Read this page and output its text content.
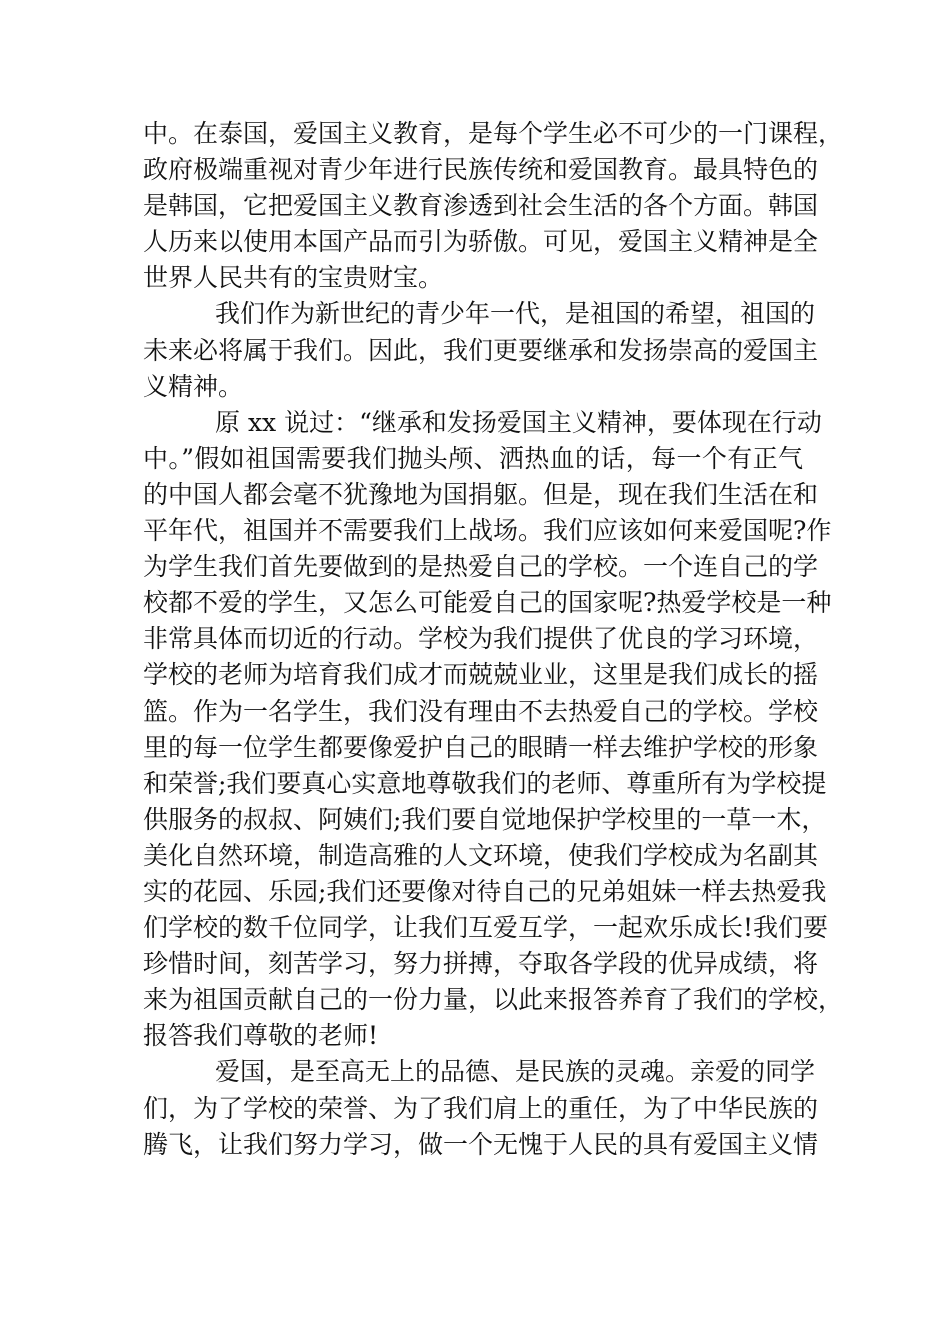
中。在泰国，爱国主义教育，是每个学生必不可少的一门课程，
政府极端重视对青少年进行民族传统和爱国教育。最具特色的
是韩国，它把爱国主义教育渗透到社会生活的各个方面。韩国
人历来以使用本国产品而引为骄傲。可见，爱国主义精神是全
世界人民共有的宝贵财宝。
我们作为新世纪的青少年一代，是祖国的希望，祖国的
未来必将属于我们。因此，我们更要继承和发扬崇高的爱国主
义精神。
原 xx 说过：“继承和发扬爱国主义精神，要体现在行动
中。”假如祖国需要我们抛头颅、洒热血的话，每一个有正气
的中国人都会毫不犹豫地为国捐躯。但是，现在我们生活在和
平年代，祖国并不需要我们上战场。我们应该如何来爱国呢?作
为学生我们首先要做到的是热爱自己的学校。一个连自己的学
校都不爱的学生，又怎么可能爱自己的国家呢?热爱学校是一种
非常具体而切近的行动。学校为我们提供了优良的学习环境，
学校的老师为培育我们成才而兢兢业业，这里是我们成长的摇
篮。作为一名学生，我们没有理由不去热爱自己的学校。学校
里的每一位学生都要像爱护自己的眼睛一样去维护学校的形象
和荣誉;我们要真心实意地尊敬我们的老师、尊重所有为学校提
供服务的叔叔、阿姨们;我们要自觉地保护学校里的一草一木，
美化自然环境，制造高雅的人文环境，使我们学校成为名副其
实的花园、乐园;我们还要像对待自己的兄弟姐妹一样去热爱我
们学校的数千位同学，让我们互爱互学，一起欢乐成长!我们要
珍惜时间，刻苦学习，努力拼搏，夺取各学段的优异成绩，将
来为祖国贡献自己的一份力量，以此来报答养育了我们的学校，
报答我们尊敬的老师!
爱国，是至高无上的品德、是民族的灵魂。亲爱的同学
们，为了学校的荣誉、为了我们肩上的重任，为了中华民族的
腾飞，让我们努力学习，做一个无愧于人民的具有爱国主义情
